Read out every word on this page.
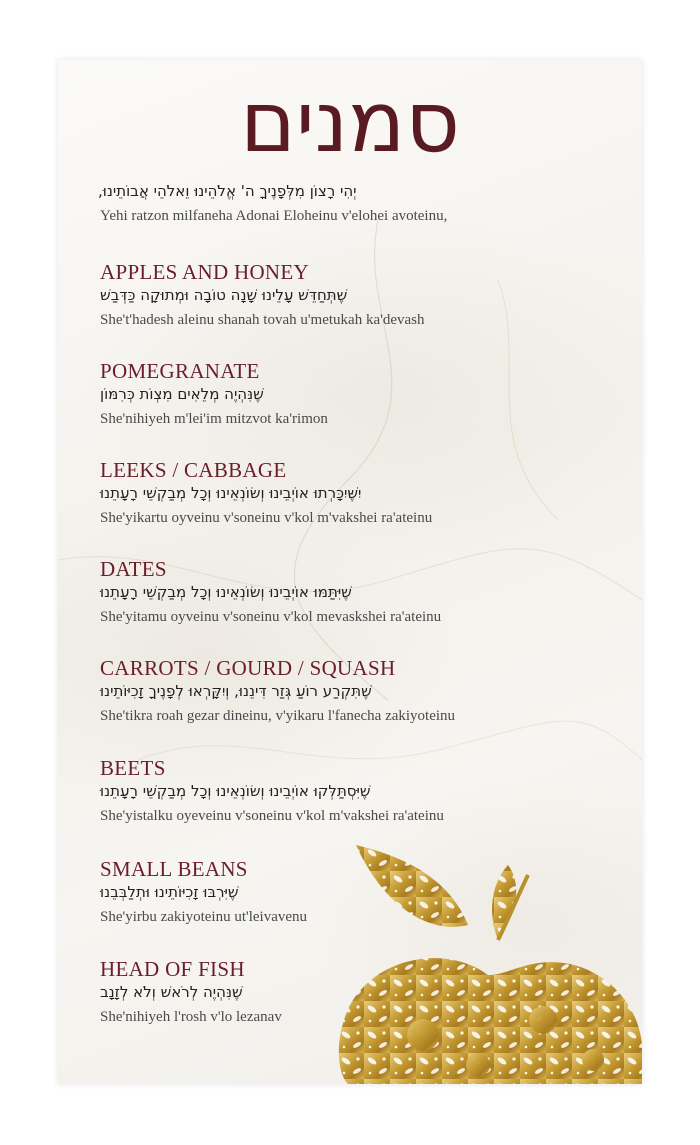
סמנים
יְהִי רָצוֹן מִלְּפָנֶיךָ ה' אֱלֹהֵינוּ וֵאלֹהֵי אֲבוֹתֵינוּ,
Yehi ratzon milfaneha Adonai Eloheinu v'elohei avoteinu,
APPLES AND HONEY
שֶׁתְּחַדֵּשׁ עָלֵינוּ שָׁנָה טוֹבָה וּמְתוּקָה כַּדְּבַשׁ
She't'hadesh aleinu shanah tovah u'metukah ka'devash
POMEGRANATE
שֶׁנִּהְיֶה מְלֵאִים מִצְוֹת כְּרִמּוֹן
She'nihiyeh m'lei'im mitzvot ka'rimon
LEEKS / CABBAGE
יִשֶּׁיִכָּרְתוּ אוֹיְבֵינוּ וְשׂוֹנְאֵינוּ וְכָל מְבַקְשֵׁי רָעָתֵנוּ
She'yikartu oyveinu v'soneinu v'kol m'vakshei ra'ateinu
DATES
שֶׁיִּתַּמּוּ אוֹיְבֵינוּ וְשׂוֹנְאֵינוּ וְכָל מְבַקְשֵׁי רָעָתֵנוּ
She'yitamu oyveinu v'soneinu v'kol mevaskshei ra'ateinu
CARROTS / GOURD / SQUASH
שֶׁתִּקְרַע רוֹעַ גְּזַר דִּינֵנוּ, וְיִקָּרְאוּ לְפָנֶיךָ זָכִיּוֹתֵינוּ
She'tikra roah gezar dineinu, v'yikaru l'fanecha zakiyoteinu
BEETS
שֶׁיִּסְתַּלְּקוּ אוֹיְבֵינוּ וְשׂוֹנְאֵינוּ וְכָל מְבַקְשֵׁי רָעָתֵנוּ
She'yistalku oyeveinu v'soneinu v'kol m'vakshei ra'ateinu
SMALL BEANS
שֶׁיִּרְבּוּ זָכִיּוֹתֵינוּ וּתְלַבְּבֵנוּ
She'yirbu zakiyoteinu ut'leivavenu
HEAD OF FISH
שֶׁנִּהְיֶה לְרֹאשׁ וְלֹא לְזָנָב
She'nihiyeh l'rosh v'lo lezanav
